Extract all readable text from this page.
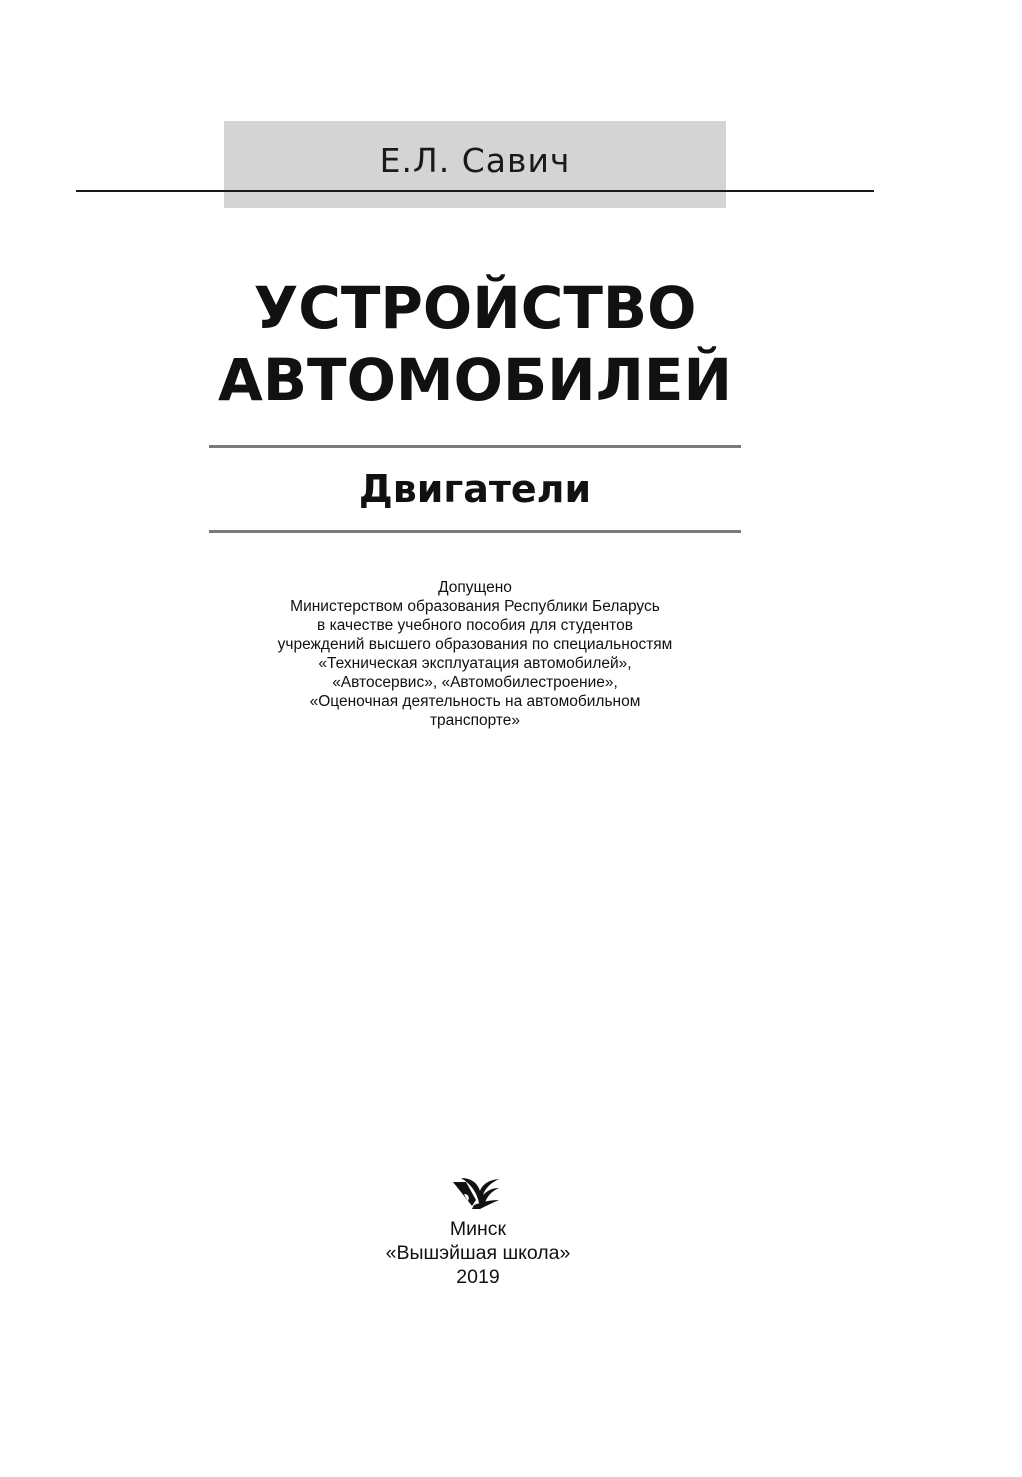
Е.Л. Савич
УСТРОЙСТВО
АВТОМОБИЛЕЙ
Двигатели
Допущено
Министерством образования Республики Беларусь
в качестве учебного пособия для студентов
учреждений высшего образования по специальностям
«Техническая эксплуатация автомобилей»,
«Автосервис», «Автомобилестроение»,
«Оценочная деятельность на автомобильном
транспорте»
Минск
«Вышэйшая школа»
2019
